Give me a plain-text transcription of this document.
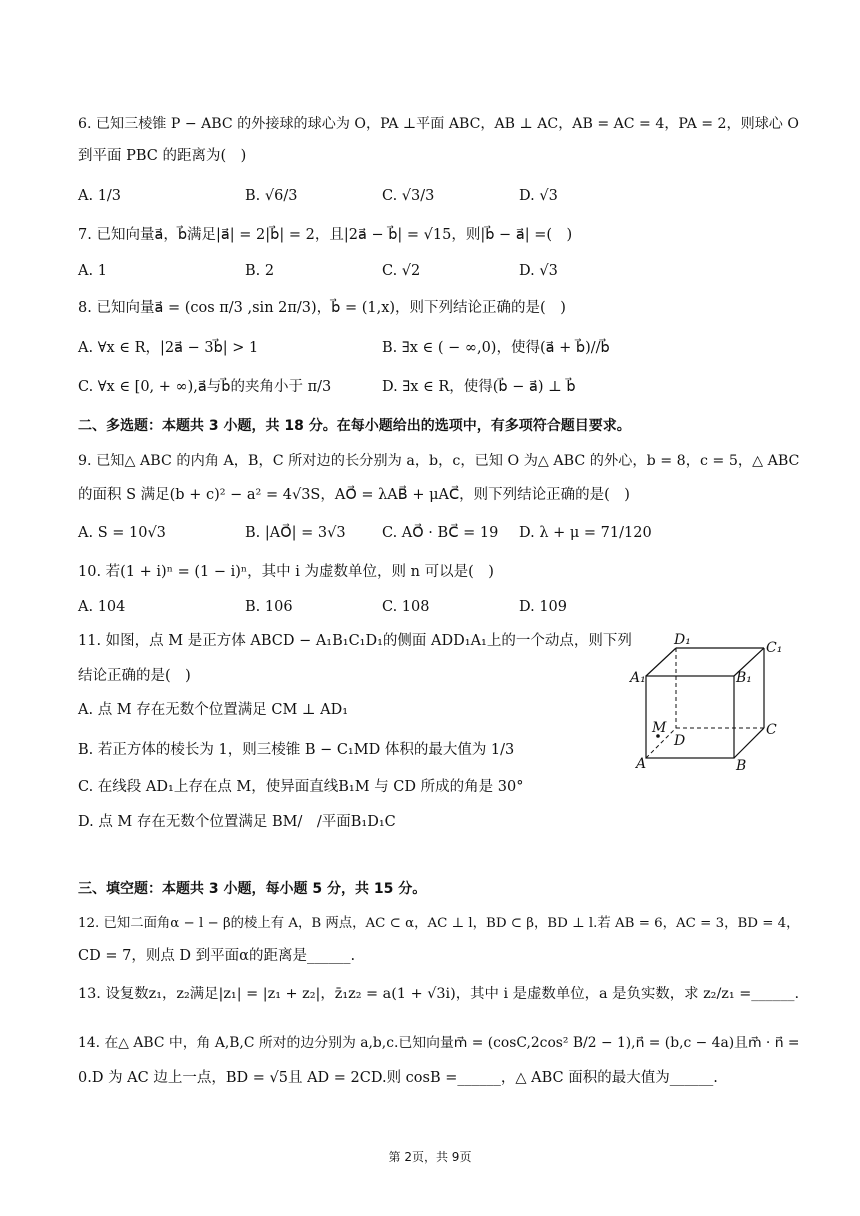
6. 已知三棱锥 P − ABC 的外接球的球心为 O，PA ⊥平面 ABC，AB ⊥ AC，AB = AC = 4，PA = 2，则球心 O
到平面 PBC 的距离为(　)
A. 1/3	B. √6/3	C. √3/3	D. √3
7. 已知向量a⃗，b⃗满足|a⃗| = 2|b⃗| = 2，且|2a⃗ − b⃗| = √15，则|b⃗ − a⃗| =(　)
A. 1	B. 2	C. √2	D. √3
8. 已知向量a⃗ = (cos π/3 ,sin 2π/3)，b⃗ = (1,x)，则下列结论正确的是(　)
A. ∀x ∈ R，|2a⃗ − 3b⃗| > 1	B. ∃x ∈ ( − ∞,0)，使得(a⃗ + b⃗)//b⃗
C. ∀x ∈ [0, + ∞),a⃗与b⃗的夹角小于 π/3	D. ∃x ∈ R，使得(b⃗ − a⃗) ⊥ b⃗
二、多选题：本题共 3 小题，共 18 分。在每小题给出的选项中，有多项符合题目要求。
9. 已知△ ABC 的内角 A，B，C 所对边的长分别为 a，b，c，已知 O 为△ ABC 的外心，b = 8，c = 5，△ ABC
的面积 S 满足(b + c)² − a² = 4√3S，AO⃗ = λAB⃗ + μAC⃗，则下列结论正确的是(　)
A. S = 10√3	B. |AO⃗| = 3√3	C. AO⃗ · BC⃗ = 19 D. λ + μ = 71/120
10. 若(1 + i)ⁿ = (1 − i)ⁿ，其中 i 为虚数单位，则 n 可以是(　)
A. 104	B. 106	C. 108	D. 109
11. 如图，点 M 是正方体 ABCD − A₁B₁C₁D₁的侧面 ADD₁A₁上的一个动点，则下列
结论正确的是(　)
A. 点 M 存在无数个位置满足 CM ⊥ AD₁
B. 若正方体的棱长为 1，则三棱锥 B − C₁MD 体积的最大值为 1/3
C. 在线段 AD₁上存在点 M，使异面直线B₁M 与 CD 所成的角是 30°
D. 点 M 存在无数个位置满足 BM/　/平面B₁D₁C
D₁	C₁
A₁	B₁
M
D
C
A	B
三、填空题：本题共 3 小题，每小题 5 分，共 15 分。
12. 已知二面角α − l − β的棱上有 A，B 两点，AC ⊂ α，AC ⊥ l，BD ⊂ β，BD ⊥ l.若 AB = 6，AC = 3，BD = 4，
CD = 7，则点 D 到平面α的距离是______.
13. 设复数z₁，z₂满足|z₁| = |z₁ + z₂|，z̄₁z₂ = a(1 + √3i)，其中 i 是虚数单位，a 是负实数，求 z₂/z₁ =______.
14. 在△ ABC 中，角 A,B,C 所对的边分别为 a,b,c.已知向量m⃗ = (cosC,2cos² B/2 − 1),n⃗ = (b,c − 4a)且m⃗ · n⃗ =
0.D 为 AC 边上一点，BD = √5且 AD = 2CD.则 cosB =______，△ ABC 面积的最大值为______.
第 2页，共 9页
